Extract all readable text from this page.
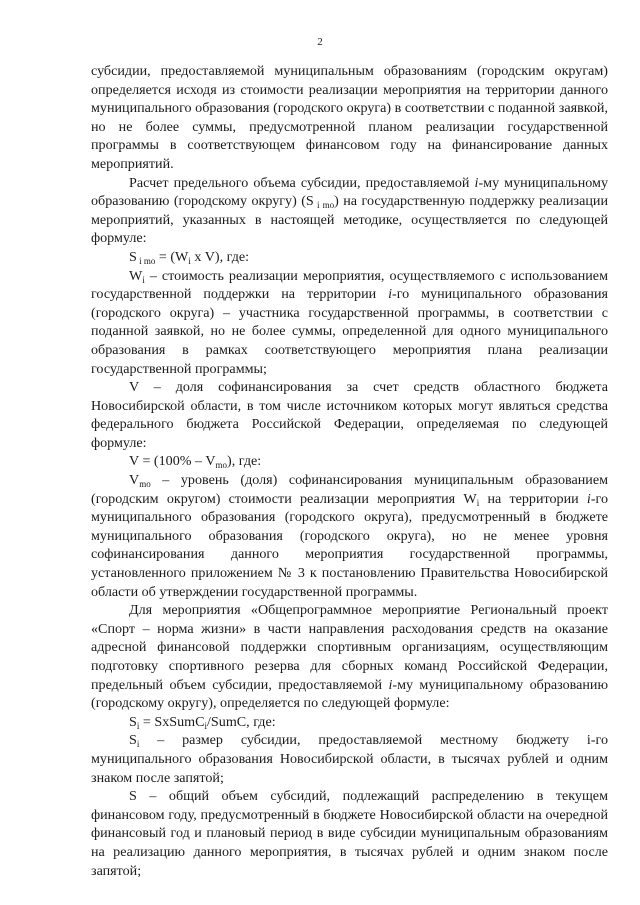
2

субсидии, предоставляемой муниципальным образованиям (городским округам) определяется исходя из стоимости реализации мероприятия на территории данного муниципального образования (городского округа) в соответствии с поданной заявкой, но не более суммы, предусмотренной планом реализации государственной программы в соответствующем финансовом году на финансирование данных мероприятий.

Расчет предельного объема субсидии, предоставляемой i-му муниципальному образованию (городскому округу) (S $_{i mo}$) на государственную поддержку реализации мероприятий, указанных в настоящей методике, осуществляется по следующей формуле:

S $_{i mo} = (W_i$ x V), где:

$W_i$ – стоимость реализации мероприятия, осуществляемого с использованием государственной поддержки на территории i-го муниципального образования (городского округа) – участника государственной программы, в соответствии с поданной заявкой, но не более суммы, определенной для одного муниципального образования в рамках соответствующего мероприятия плана реализации государственной программы;

V – доля софинансирования за счет средств областного бюджета Новосибирской области, в том числе источником которых могут являться средства федерального бюджета Российской Федерации, определяемая по следующей формуле:

$V = (100\% - V_{mo})$, где:

$V_{mo}$ – уровень (доля) софинансирования муниципальным образованием (городским округом) стоимости реализации мероприятия $W_i$ на территории i-го муниципального образования (городского округа), предусмотренный в бюджете муниципального образования (городского округа), но не менее уровня софинансирования данного мероприятия государственной программы, установленного приложением № 3 к постановлению Правительства Новосибирской области об утверждении государственной программы.

Для мероприятия «Общепрограммное мероприятие Региональный проект «Спорт – норма жизни» в части направления расходования средств на оказание адресной финансовой поддержки спортивным организациям, осуществляющим подготовку спортивного резерва для сборных команд Российской Федерации, предельный объем субсидии, предоставляемой i-му муниципальному образованию (городскому округу), определяется по следующей формуле:

$S_i$ = SxSumC$_i$/SumC, где:

$S_i$ – размер субсидии, предоставляемой местному бюджету i-го муниципального образования Новосибирской области, в тысячах рублей и одним знаком после запятой;

S – общий объем субсидий, подлежащий распределению в текущем финансовом году, предусмотренный в бюджете Новосибирской области на очередной финансовый год и плановый период в виде субсидии муниципальным образованиям на реализацию данного мероприятия, в тысячах рублей и одним знаком после запятой;
